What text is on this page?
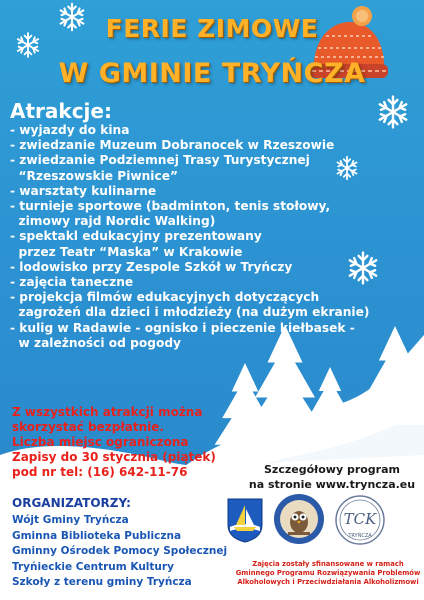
FERIE ZIMOWE
W GMINIE TRYŃCZA
Atrakcje:
- wyjazdy do kina
- zwiedzanie Muzeum Dobranocek w Rzeszowie
- zwiedzanie Podziemnej Trasy Turystycznej
“Rzeszowskie Piwnice”
- warsztaty kulinarne
- turnieje sportowe (badminton, tenis stołowy,
zimowy rajd Nordic Walking)
- spektakl edukacyjny prezentowany
przez Teatr “Maska” w Krakowie
- lodowisko przy Zespole Szkół w Tryńczy
- zajęcia taneczne
- projekcja filmów edukacyjnych dotyczących
zagrożeń dla dzieci i młodzieży (na dużym ekranie)
- kulig w Radawie - ognisko i pieczenie kiełbasek -
w zależności od pogody

Z wszystkich atrakcji można
skorzystać bezpłatnie.
Liczba miejsc ograniczona
Zapisy do 30 stycznia (piątek)
pod nr tel: (16) 642-11-76	Szczegółowy program
na stronie www.tryncza.eu
ORGANIZATORZY:
Wójt Gminy Tryńcza
Gminna Biblioteka Publiczna
Gminny Ośrodek Pomocy Społecznej
Tryńieckie Centrum Kultury
Szkoły z terenu gminy Tryńcza
TCK
TRYŃCZA
Zajęcia zostały sfinansowane w ramach
Gminnego Programu Rozwiązywania Problemów
Alkoholowych i Przeciwdziałania Alkoholizmowi
